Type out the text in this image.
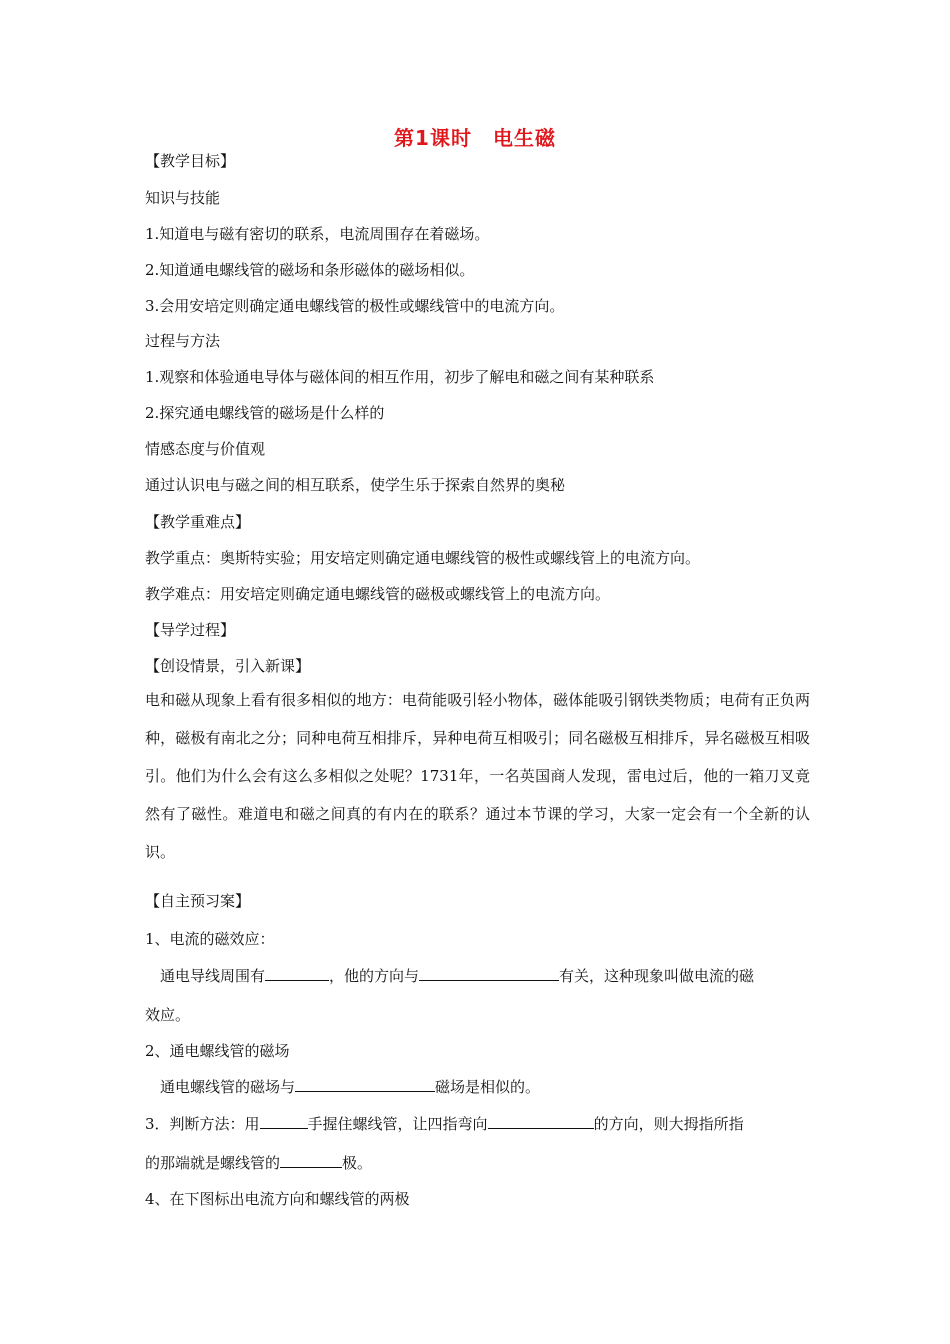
第1课时　电生磁
【教学目标】
知识与技能
1.知道电与磁有密切的联系，电流周围存在着磁场。
2.知道通电螺线管的磁场和条形磁体的磁场相似。
3.会用安培定则确定通电螺线管的极性或螺线管中的电流方向。
过程与方法
1.观察和体验通电导体与磁体间的相互作用，初步了解电和磁之间有某种联系
2.探究通电螺线管的磁场是什么样的
情感态度与价值观
通过认识电与磁之间的相互联系，使学生乐于探索自然界的奥秘
【教学重难点】
教学重点：奥斯特实验；用安培定则确定通电螺线管的极性或螺线管上的电流方向。
教学难点：用安培定则确定通电螺线管的磁极或螺线管上的电流方向。
【导学过程】
【创设情景，引入新课】
电和磁从现象上看有很多相似的地方：电荷能吸引轻小物体，磁体能吸引钢铁类物质；电荷有正负两种，磁极有南北之分；同种电荷互相排斥，异种电荷互相吸引；同名磁极互相排斥，异名磁极互相吸引。他们为什么会有这么多相似之处呢？1731年，一名英国商人发现，雷电过后，他的一箱刀叉竟然有了磁性。难道电和磁之间真的有内在的联系？通过本节课的学习，大家一定会有一个全新的认识。
【自主预习案】
1、电流的磁效应：
通电导线周围有	，他的方向与	有关，这种现象叫做电流的磁
效应。
2、通电螺线管的磁场
通电螺线管的磁场与	磁场是相似的。
3．判断方法：用	手握住螺线管，让四指弯向	的方向，则大拇指所指
的那端就是螺线管的	极。
4、在下图标出电流方向和螺线管的两极
